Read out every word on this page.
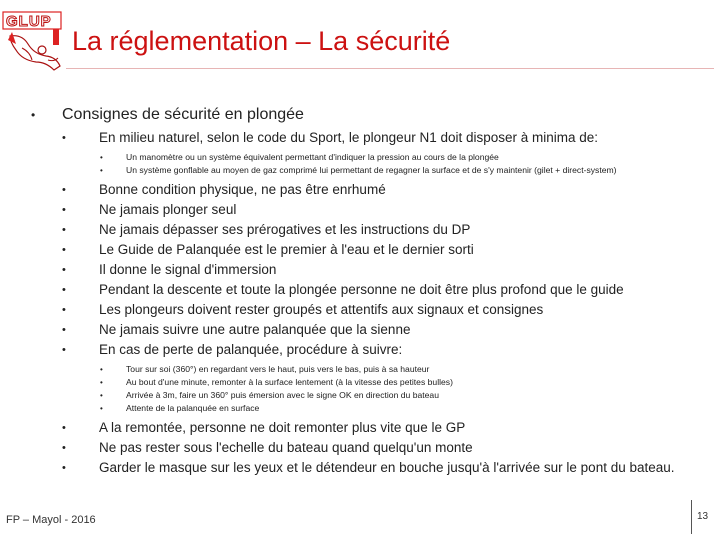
GLUP
La réglementation – La sécurité
• Consignes de sécurité en plongée
• En milieu naturel, selon le code du Sport, le plongeur N1 doit disposer à minima de:
•	Un manomètre ou un système équivalent permettant d'indiquer la pression au cours de la plongée
•	Un système gonflable au moyen de gaz comprimé lui permettant de regagner la surface et de s'y maintenir (gilet + direct-system)
• Bonne condition physique, ne pas être enrhumé
• Ne jamais plonger seul
• Ne jamais dépasser ses prérogatives et les instructions du DP
• Le Guide de Palanquée est le premier à l'eau et le dernier sorti
• Il donne le signal d'immersion
• Pendant la descente et toute la plongée personne ne doit être plus profond que le guide
• Les plongeurs doivent rester groupés et attentifs aux signaux et consignes
• Ne jamais suivre une autre palanquée que la sienne
• En cas de perte de palanquée, procédure à suivre:
•	Tour sur soi (360°) en regardant vers le haut, puis vers le bas, puis à sa hauteur
•	Au bout d'une minute, remonter à la surface lentement (à la vitesse des petites bulles)
•	Arrivée à 3m, faire un 360° puis émersion avec le signe OK en direction du bateau
•	Attente de la palanquée en surface
• A la remontée, personne ne doit remonter plus vite que le GP
• Ne pas rester sous l'echelle du bateau quand quelqu'un monte
• Garder le masque sur les yeux et le détendeur en bouche jusqu'à l'arrivée sur le pont du bateau.
FP – Mayol - 2016	13
